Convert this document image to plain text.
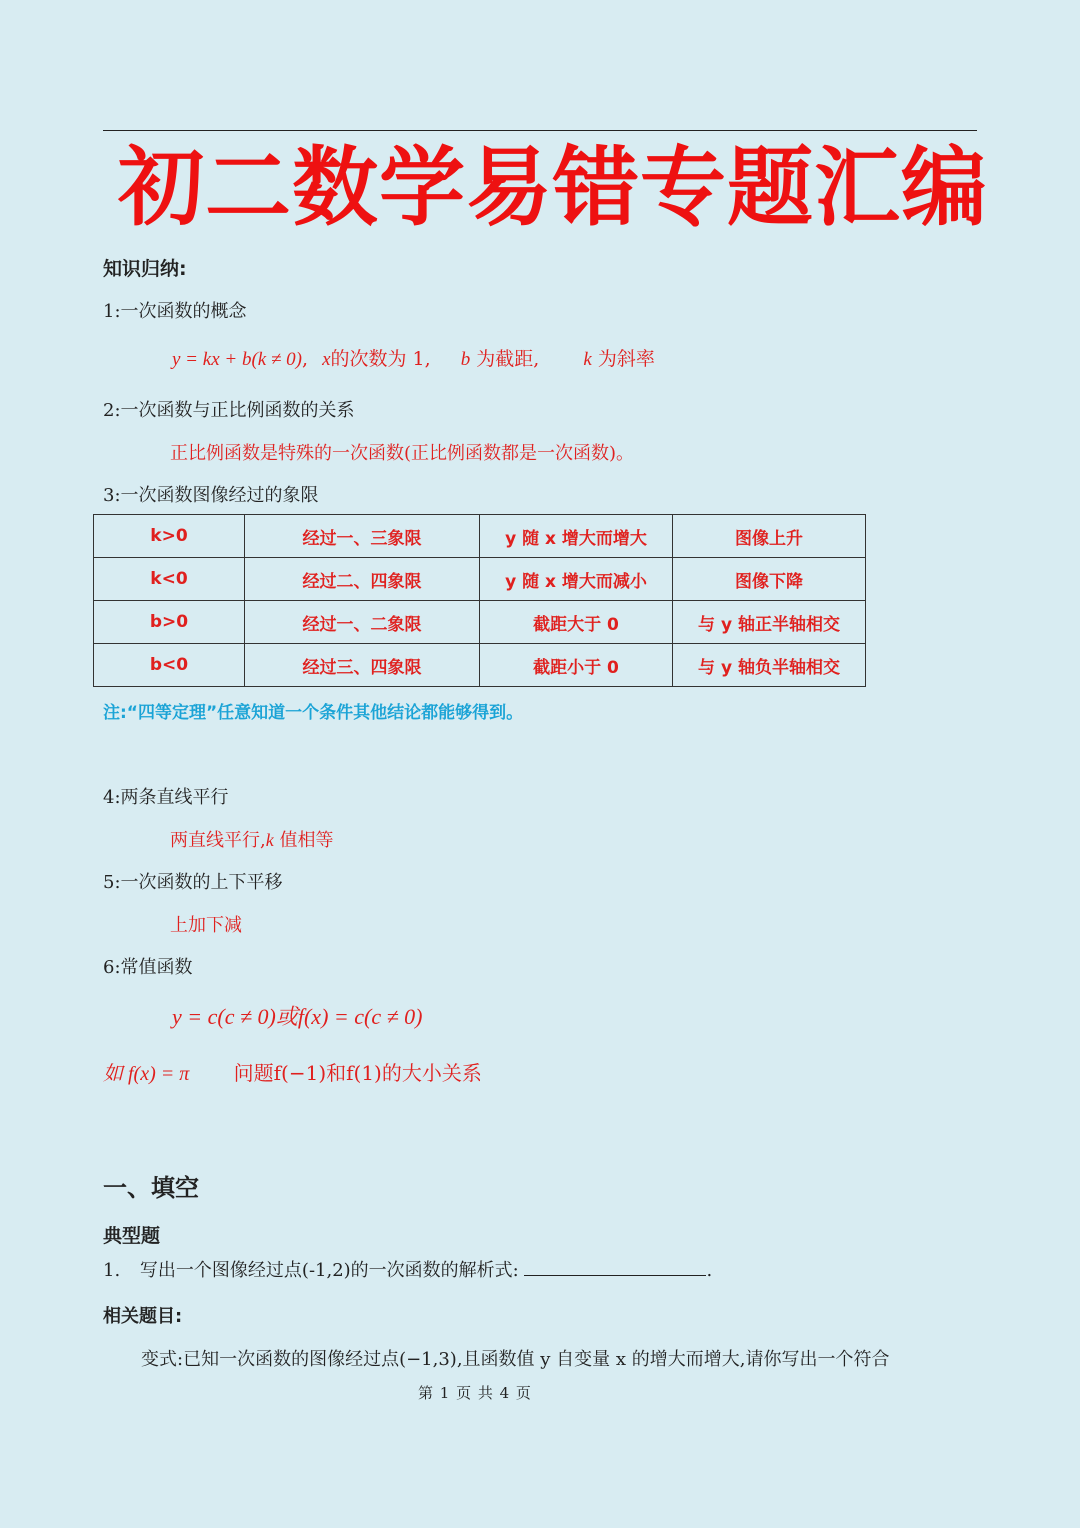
初二数学易错专题汇编
知识归纳:
1:一次函数的概念
y = kx + b(k ≠ 0), x的次数为 1, b 为截距, k 为斜率
2:一次函数与正比例函数的关系
正比例函数是特殊的一次函数(正比例函数都是一次函数)。
3:一次函数图像经过的象限
k>0	经过一、三象限	y 随 x 增大而增大	图像上升
k<0	经过二、四象限	y 随 x 增大而减小	图像下降
b>0	经过一、二象限	截距大于 0	与 y 轴正半轴相交
b<0	经过三、四象限	截距小于 0	与 y 轴负半轴相交
注:“四等定理”任意知道一个条件其他结论都能够得到。
4:两条直线平行
两直线平行,k 值相等
5:一次函数的上下平移
上加下减
6:常值函数
y = c(c ≠ 0)或f(x) = c(c ≠ 0)
如 f(x) = π 问题f(−1)和f(1)的大小关系
一、填空
典型题
1. 写出一个图像经过点(-1,2)的一次函数的解析式:	.
相关题目:
变式:已知一次函数的图像经过点(−1,3),且函数值 y 自变量 x 的增大而增大,请你写出一个符合
第 1 页 共 4 页
